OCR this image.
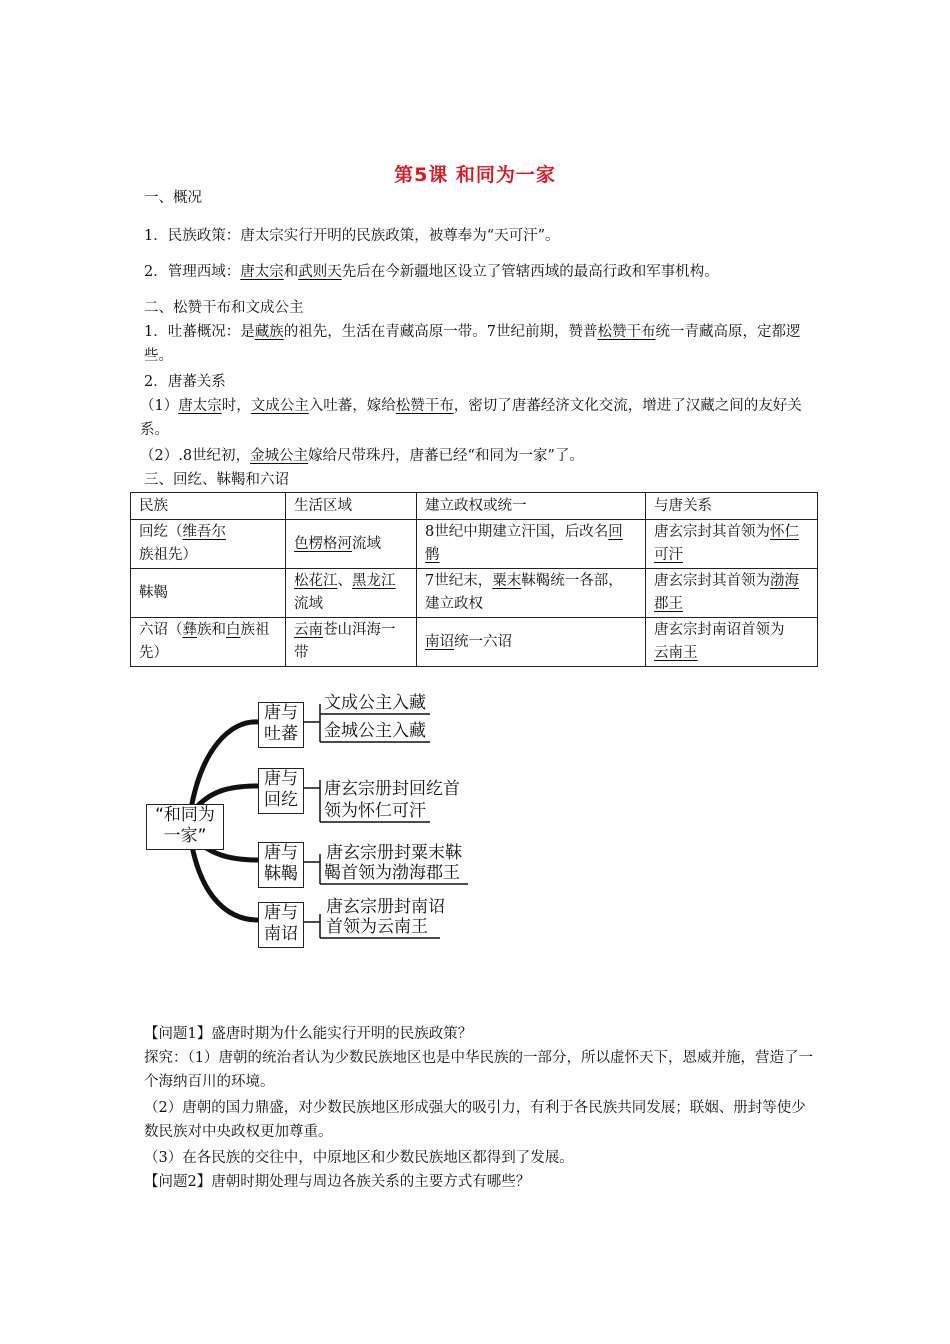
第5课 和同为一家
一、概况
1．民族政策：唐太宗实行开明的民族政策，被尊奉为“天可汗”。
2．管理西域：唐太宗和武则天先后在今新疆地区设立了管辖西域的最高行政和军事机构。
二、松赞干布和文成公主
1．吐蕃概况：是藏族的祖先，生活在青藏高原一带。7世纪前期，赞普松赞干布统一青藏高原，定都逻些。
2．唐蕃关系
（1）唐太宗时，文成公主入吐蕃，嫁给松赞干布，密切了唐蕃经济文化交流，增进了汉藏之间的友好关系。
（2）.8世纪初，金城公主嫁给尺带珠丹，唐蕃已经“和同为一家”了。
三、回纥、靺鞨和六诏
民族	生活区域	建立政权或统一	与唐关系
回纥（维吾尔族祖先）	色楞格河流域	8世纪中期建立汗国，后改名回鹘	唐玄宗封其首领为怀仁可汗
靺鞨	松花江、黑龙江流域	7世纪末，粟末靺鞨统一各部，建立政权	唐玄宗封其首领为渤海郡王
六诏（彝族和白族祖先）	云南苍山洱海一带	南诏统一六诏	唐玄宗封南诏首领为
云南王
“和同为
一家”
唐与
吐蕃
文成公主入藏
金城公主入藏
唐与
回纥
唐玄宗册封回纥首
领为怀仁可汗
唐与
靺鞨
唐玄宗册封粟末靺
鞨首领为渤海郡王
唐与
南诏
唐玄宗册封南诏
首领为云南王
【问题1】盛唐时期为什么能实行开明的民族政策？
探究：（1）唐朝的统治者认为少数民族地区也是中华民族的一部分，所以虚怀天下，恩威并施，营造了一个海纳百川的环境。
（2）唐朝的国力鼎盛，对少数民族地区形成强大的吸引力，有利于各民族共同发展；联姻、册封等使少数民族对中央政权更加尊重。
（3）在各民族的交往中，中原地区和少数民族地区都得到了发展。
【问题2】唐朝时期处理与周边各族关系的主要方式有哪些？
